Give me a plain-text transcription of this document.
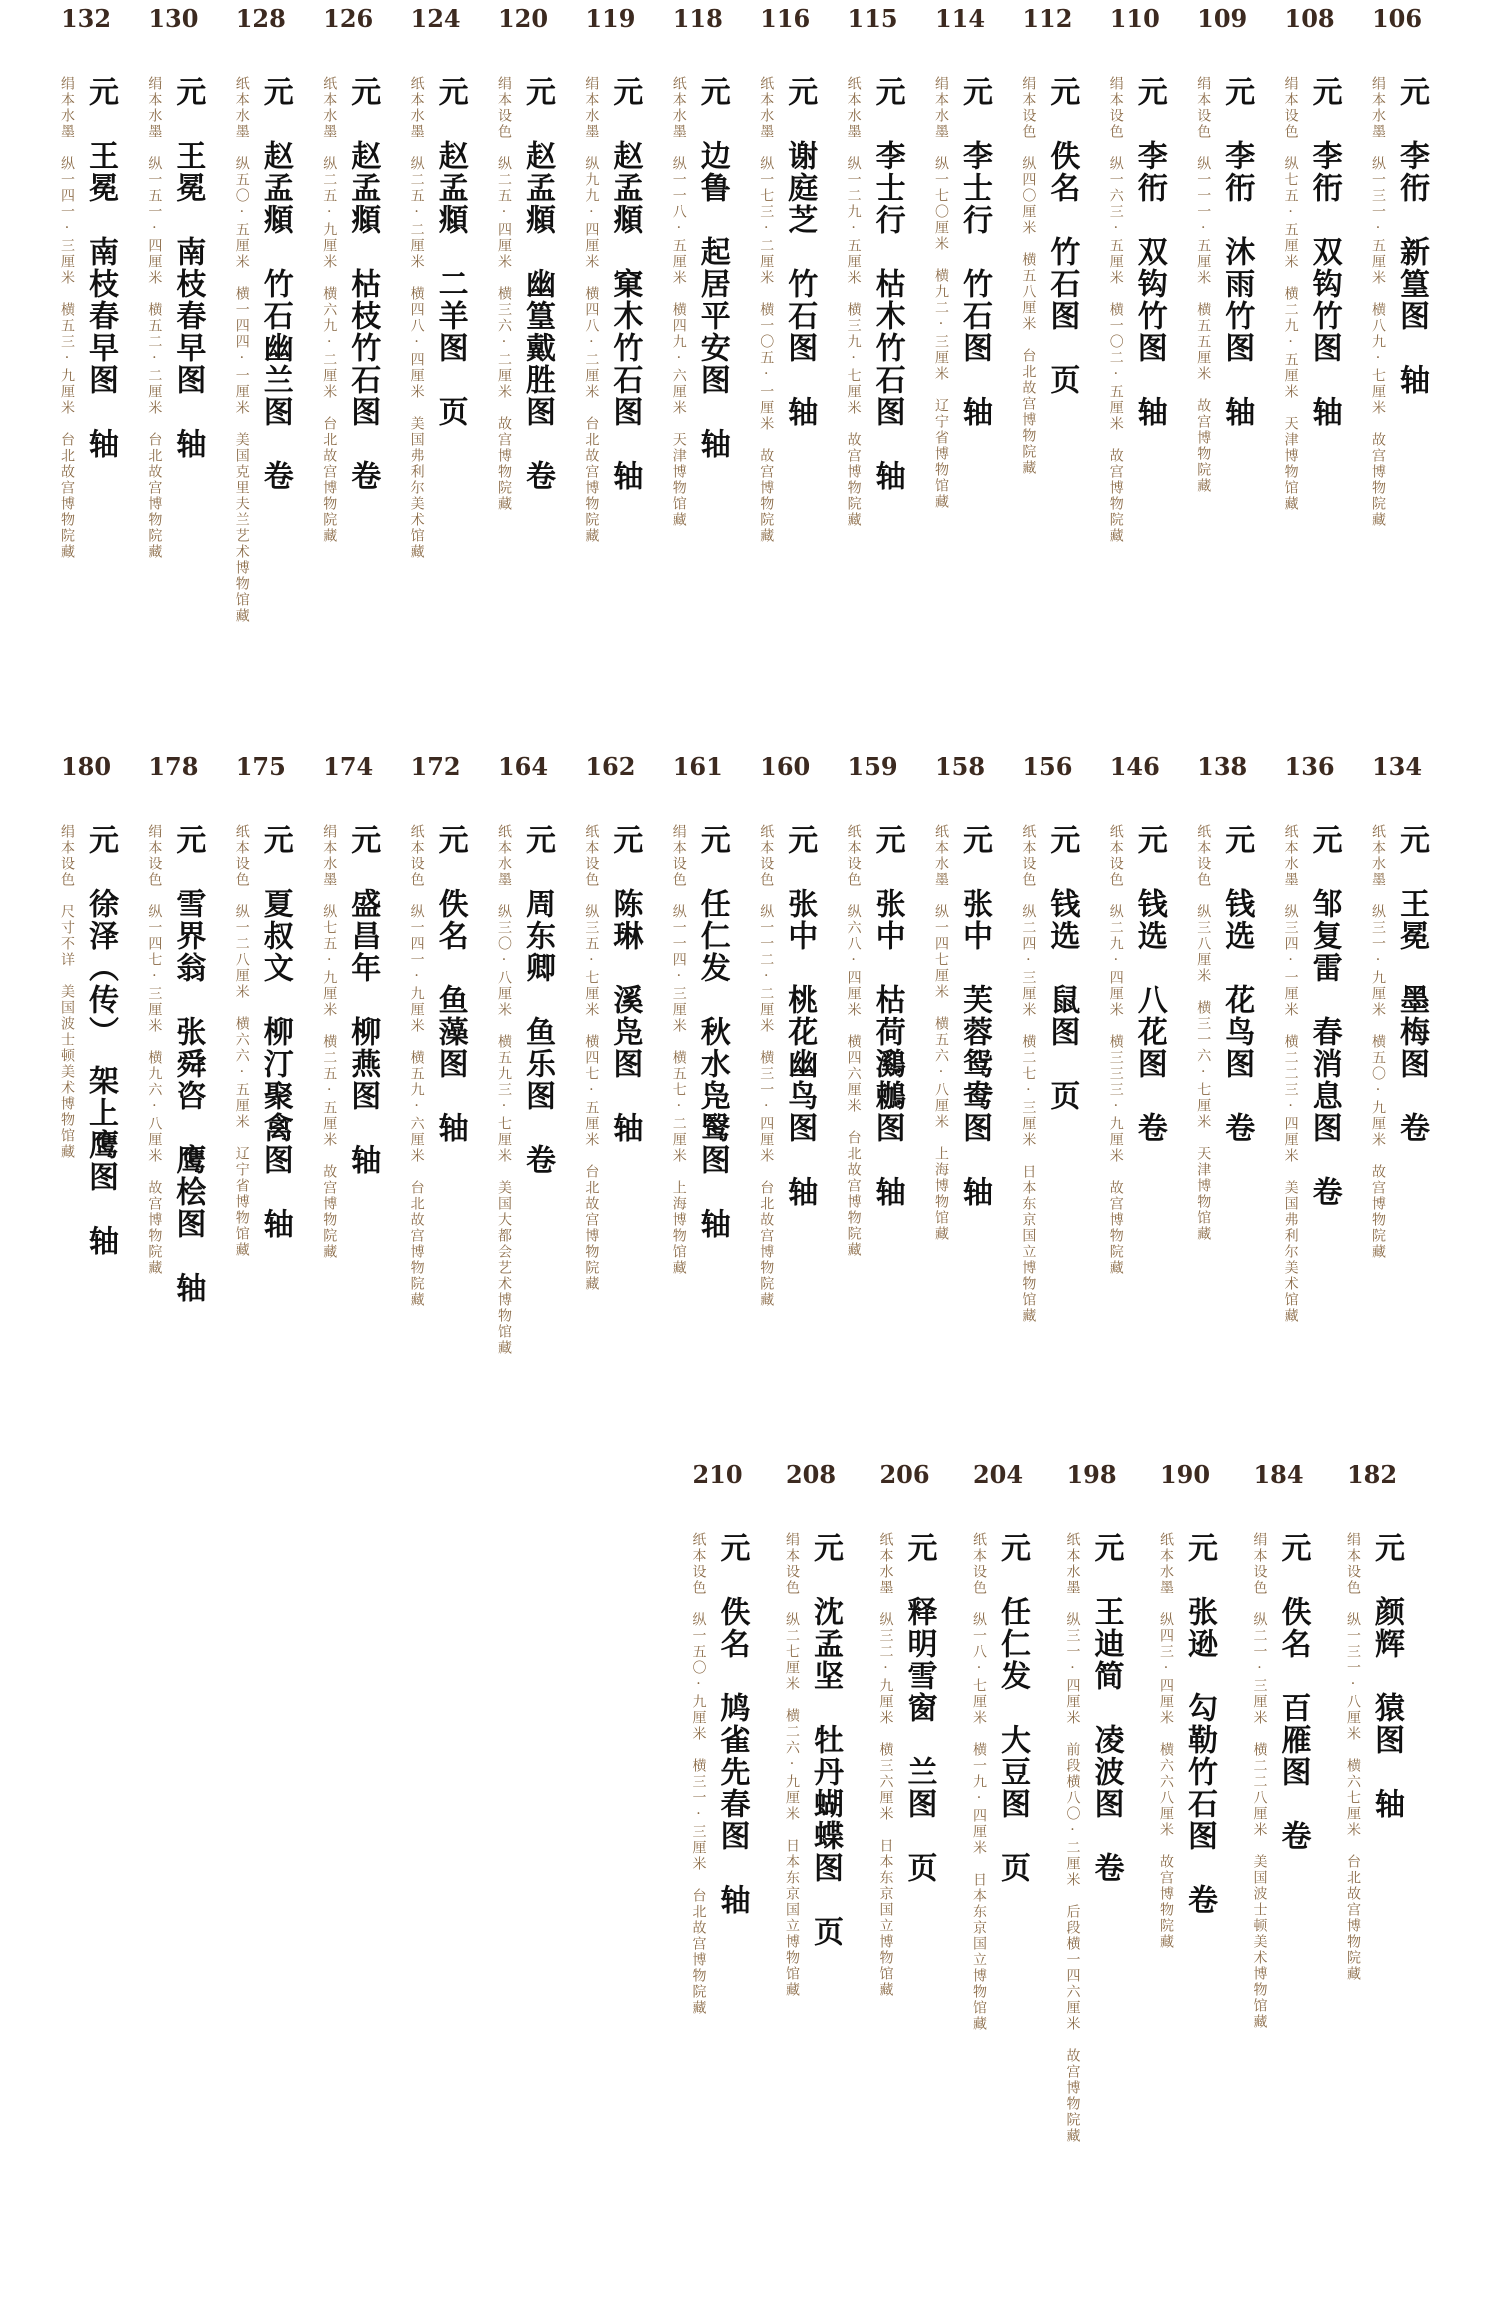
106
元　李衎　新篁图　轴
绢本水墨　纵一三一·五厘米　横八九·七厘米　故宫博物院藏
108
元　李衎　双钩竹图　轴
绢本设色　纵七五·五厘米　横二九·五厘米　天津博物馆藏
109
元　李衎　沐雨竹图　轴
绢本设色　纵一一一·五厘米　横五五厘米　故宫博物院藏
110
元　李衎　双钩竹图　轴
绢本设色　纵一六三·五厘米　横一〇二·五厘米　故宫博物院藏
112
元　佚名　竹石图　页
绢本设色　纵四〇厘米　横五八厘米　台北故宫博物院藏
114
元　李士行　竹石图　轴
绢本水墨　纵一七〇厘米　横九二·三厘米　辽宁省博物馆藏
115
元　李士行　枯木竹石图　轴
纸本水墨　纵一二九·五厘米　横三九·七厘米　故宫博物院藏
116
元　谢庭芝　竹石图　轴
纸本水墨　纵一七三·二厘米　横一〇五·一厘米　故宫博物院藏
118
元　边鲁　起居平安图　轴
纸本水墨　纵一一八·五厘米　横四九·六厘米　天津博物馆藏
119
元　赵孟頫　窠木竹石图　轴
绢本水墨　纵九九·四厘米　横四八·二厘米　台北故宫博物院藏
120
元　赵孟頫　幽篁戴胜图　卷
绢本设色　纵二五·四厘米　横三六·二厘米　故宫博物院藏
124
元　赵孟頫　二羊图　页
纸本水墨　纵二五·二厘米　横四八·四厘米　美国弗利尔美术馆藏
126
元　赵孟頫　枯枝竹石图　卷
纸本水墨　纵二五·九厘米　横六九·二厘米　台北故宫博物院藏
128
元　赵孟頫　竹石幽兰图　卷
纸本水墨　纵五〇·五厘米　横一四四·一厘米　美国克里夫兰艺术博物馆藏
130
元　王冕　南枝春早图　轴
绢本水墨　纵一五一·四厘米　横五二·二厘米　台北故宫博物院藏
132
元　王冕　南枝春早图　轴
绢本水墨　纵一四一·三厘米　横五三·九厘米　台北故宫博物院藏
134
元　王冕　墨梅图　卷
纸本水墨　纵三一·九厘米　横五〇·九厘米　故宫博物院藏
136
元　邹复雷　春消息图　卷
纸本水墨　纵三四·一厘米　横二二三·四厘米　美国弗利尔美术馆藏
138
元　钱选　花鸟图　卷
纸本设色　纵三八厘米　横三一六·七厘米　天津博物馆藏
146
元　钱选　八花图　卷
纸本设色　纵二九·四厘米　横三三三·九厘米　故宫博物院藏
156
元　钱选　鼠图　页
纸本设色　纵二四·三厘米　横二七·三厘米　日本东京国立博物馆藏
158
元　张中　芙蓉鸳鸯图　轴
纸本水墨　纵一四七厘米　横五六·八厘米　上海博物馆藏
159
元　张中　枯荷鸂鶒图　轴
纸本设色　纵六八·四厘米　横四六厘米　台北故宫博物院藏
160
元　张中　桃花幽鸟图　轴
纸本设色　纵一一二·二厘米　横三一·四厘米　台北故宫博物院藏
161
元　任仁发　秋水凫鹥图　轴
绢本设色　纵一一四·三厘米　横五七·二厘米　上海博物馆藏
162
元　陈琳　溪凫图　轴
纸本设色　纵三五·七厘米　横四七·五厘米　台北故宫博物院藏
164
元　周东卿　鱼乐图　卷
纸本水墨　纵三〇·八厘米　横五九三·七厘米　美国大都会艺术博物馆藏
172
元　佚名　鱼藻图　轴
纸本设色　纵一四一·九厘米　横五九·六厘米　台北故宫博物院藏
174
元　盛昌年　柳燕图　轴
绢本水墨　纵七五·九厘米　横二五·五厘米　故宫博物院藏
175
元　夏叔文　柳汀聚禽图　轴
纸本设色　纵一二八厘米　横六六·五厘米　辽宁省博物馆藏
178
元　雪界翁　张舜咨　鹰桧图　轴
绢本设色　纵一四七·三厘米　横九六·八厘米　故宫博物院藏
180
元　徐泽（传）　架上鹰图　轴
绢本设色　尺寸不详　美国波士顿美术博物馆藏
182
元　颜辉　猿图　轴
绢本设色　纵一三一·八厘米　横六七厘米　台北故宫博物院藏
184
元　佚名　百雁图　卷
绢本设色　纵二一·三厘米　横二二八厘米　美国波士顿美术博物馆藏
190
元　张逊　勾勒竹石图　卷
纸本水墨　纵四三·四厘米　横六六八厘米　故宫博物院藏
198
元　王迪简　凌波图　卷
纸本水墨　纵三一·四厘米　前段横八〇·二厘米　后段横一四六厘米　故宫博物院藏
204
元　任仁发　大豆图　页
纸本设色　纵一八·七厘米　横一九·四厘米　日本东京国立博物馆藏
206
元　释明雪窗　兰图　页
纸本水墨　纵三二·九厘米　横三六厘米　日本东京国立博物馆藏
208
元　沈孟坚　牡丹蝴蝶图　页
绢本设色　纵二七厘米　横二六·九厘米　日本东京国立博物馆藏
210
元　佚名　鸠雀先春图　轴
纸本设色　纵一五〇·九厘米　横三一·三厘米　台北故宫博物院藏
